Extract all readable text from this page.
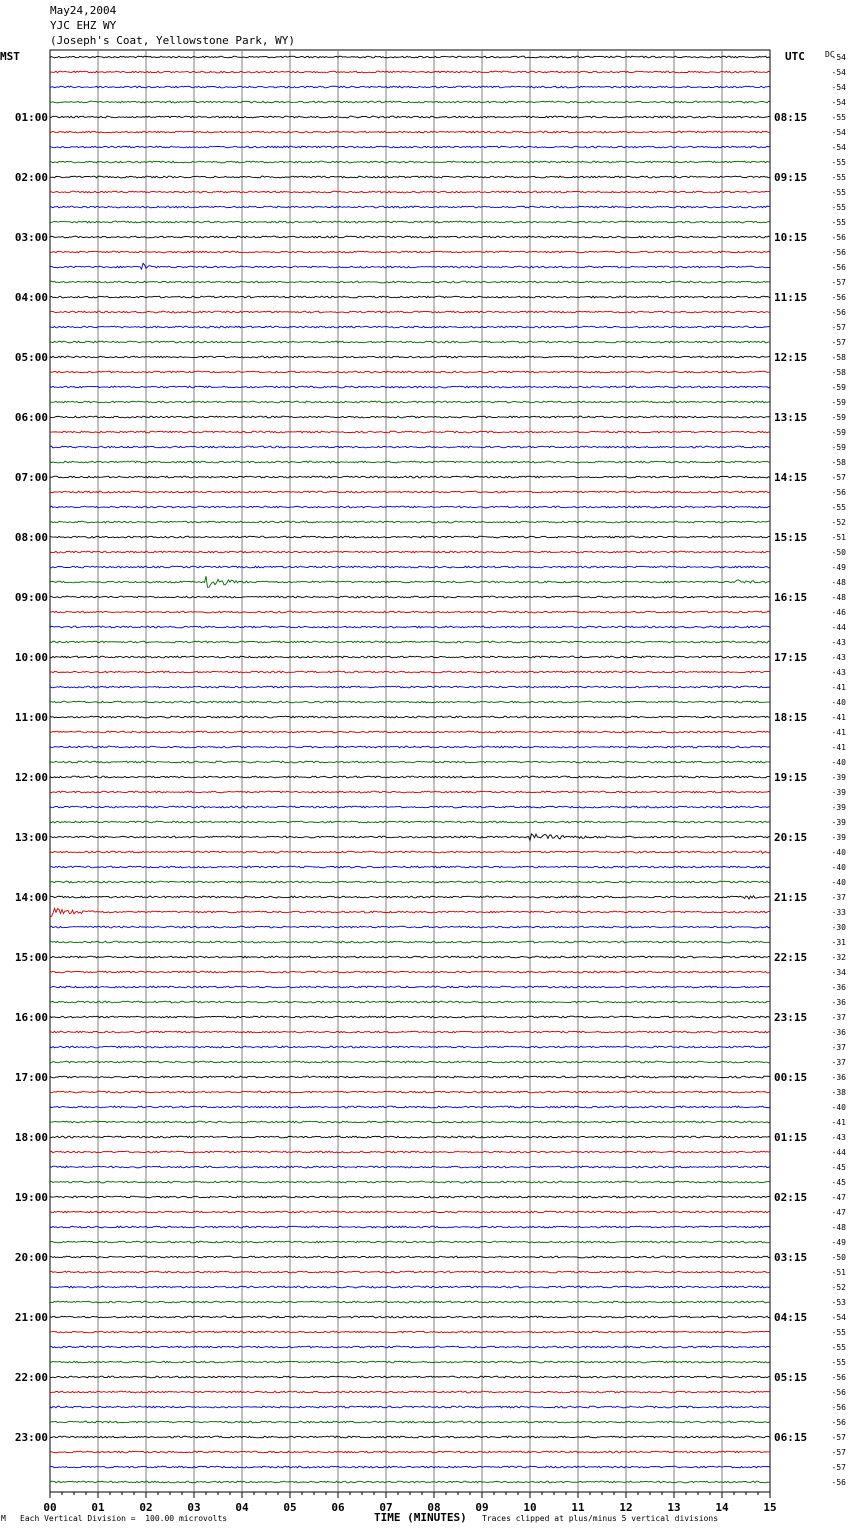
May24,2004
YJC EHZ WY
(Joseph's Coat, Yellowstone Park, WY)
MST	UTC	-54
-54
-54
-54
-55
-54
-54
-55
-55
-55
-55
-55
-56
-56
-56
-57
-56
-56
-57
-57
-58
-58
-59
-59
-59
-59
-59
-58
-57
-56
-55
-52
-51
-50
-49
-48
-48
-46
-44
-43
-43
-43
-41
-40
-41
-41
-41
-40
-39
-39
-39
-39
-39
-40
-40
-40
-37
-33
-30
-31
-32
-34
-36
-36
-37
-36
-37
-37
-36
-38
-40
-41
-43
-44
-45
-45
-47
-47
-48
-49
-50
-51
-52
-53
-54
-55
-55
-55
-56
-56
-56
-56
-57
-57
-57
-56
DC
01:00
02:00
03:00
04:00
05:00
06:00
07:00
08:00
09:00
10:00
11:00
12:00
13:00
14:00
15:00
16:00
17:00
18:00
19:00
20:00
21:00
22:00
23:00
08:15
09:15
10:15
11:15
12:15
13:15
14:15
15:15
16:15
17:15
18:15
19:15
20:15
21:15
22:15
23:15
00:15
01:15
02:15
03:15
04:15
05:15
06:15
00	01	02	03	04	05	06	07	08	09	10	11	12	13	14	15
M Each Vertical Division =  100.00 microvolts	TIME (MINUTES) Traces clipped at plus/minus 5 vertical divisions
